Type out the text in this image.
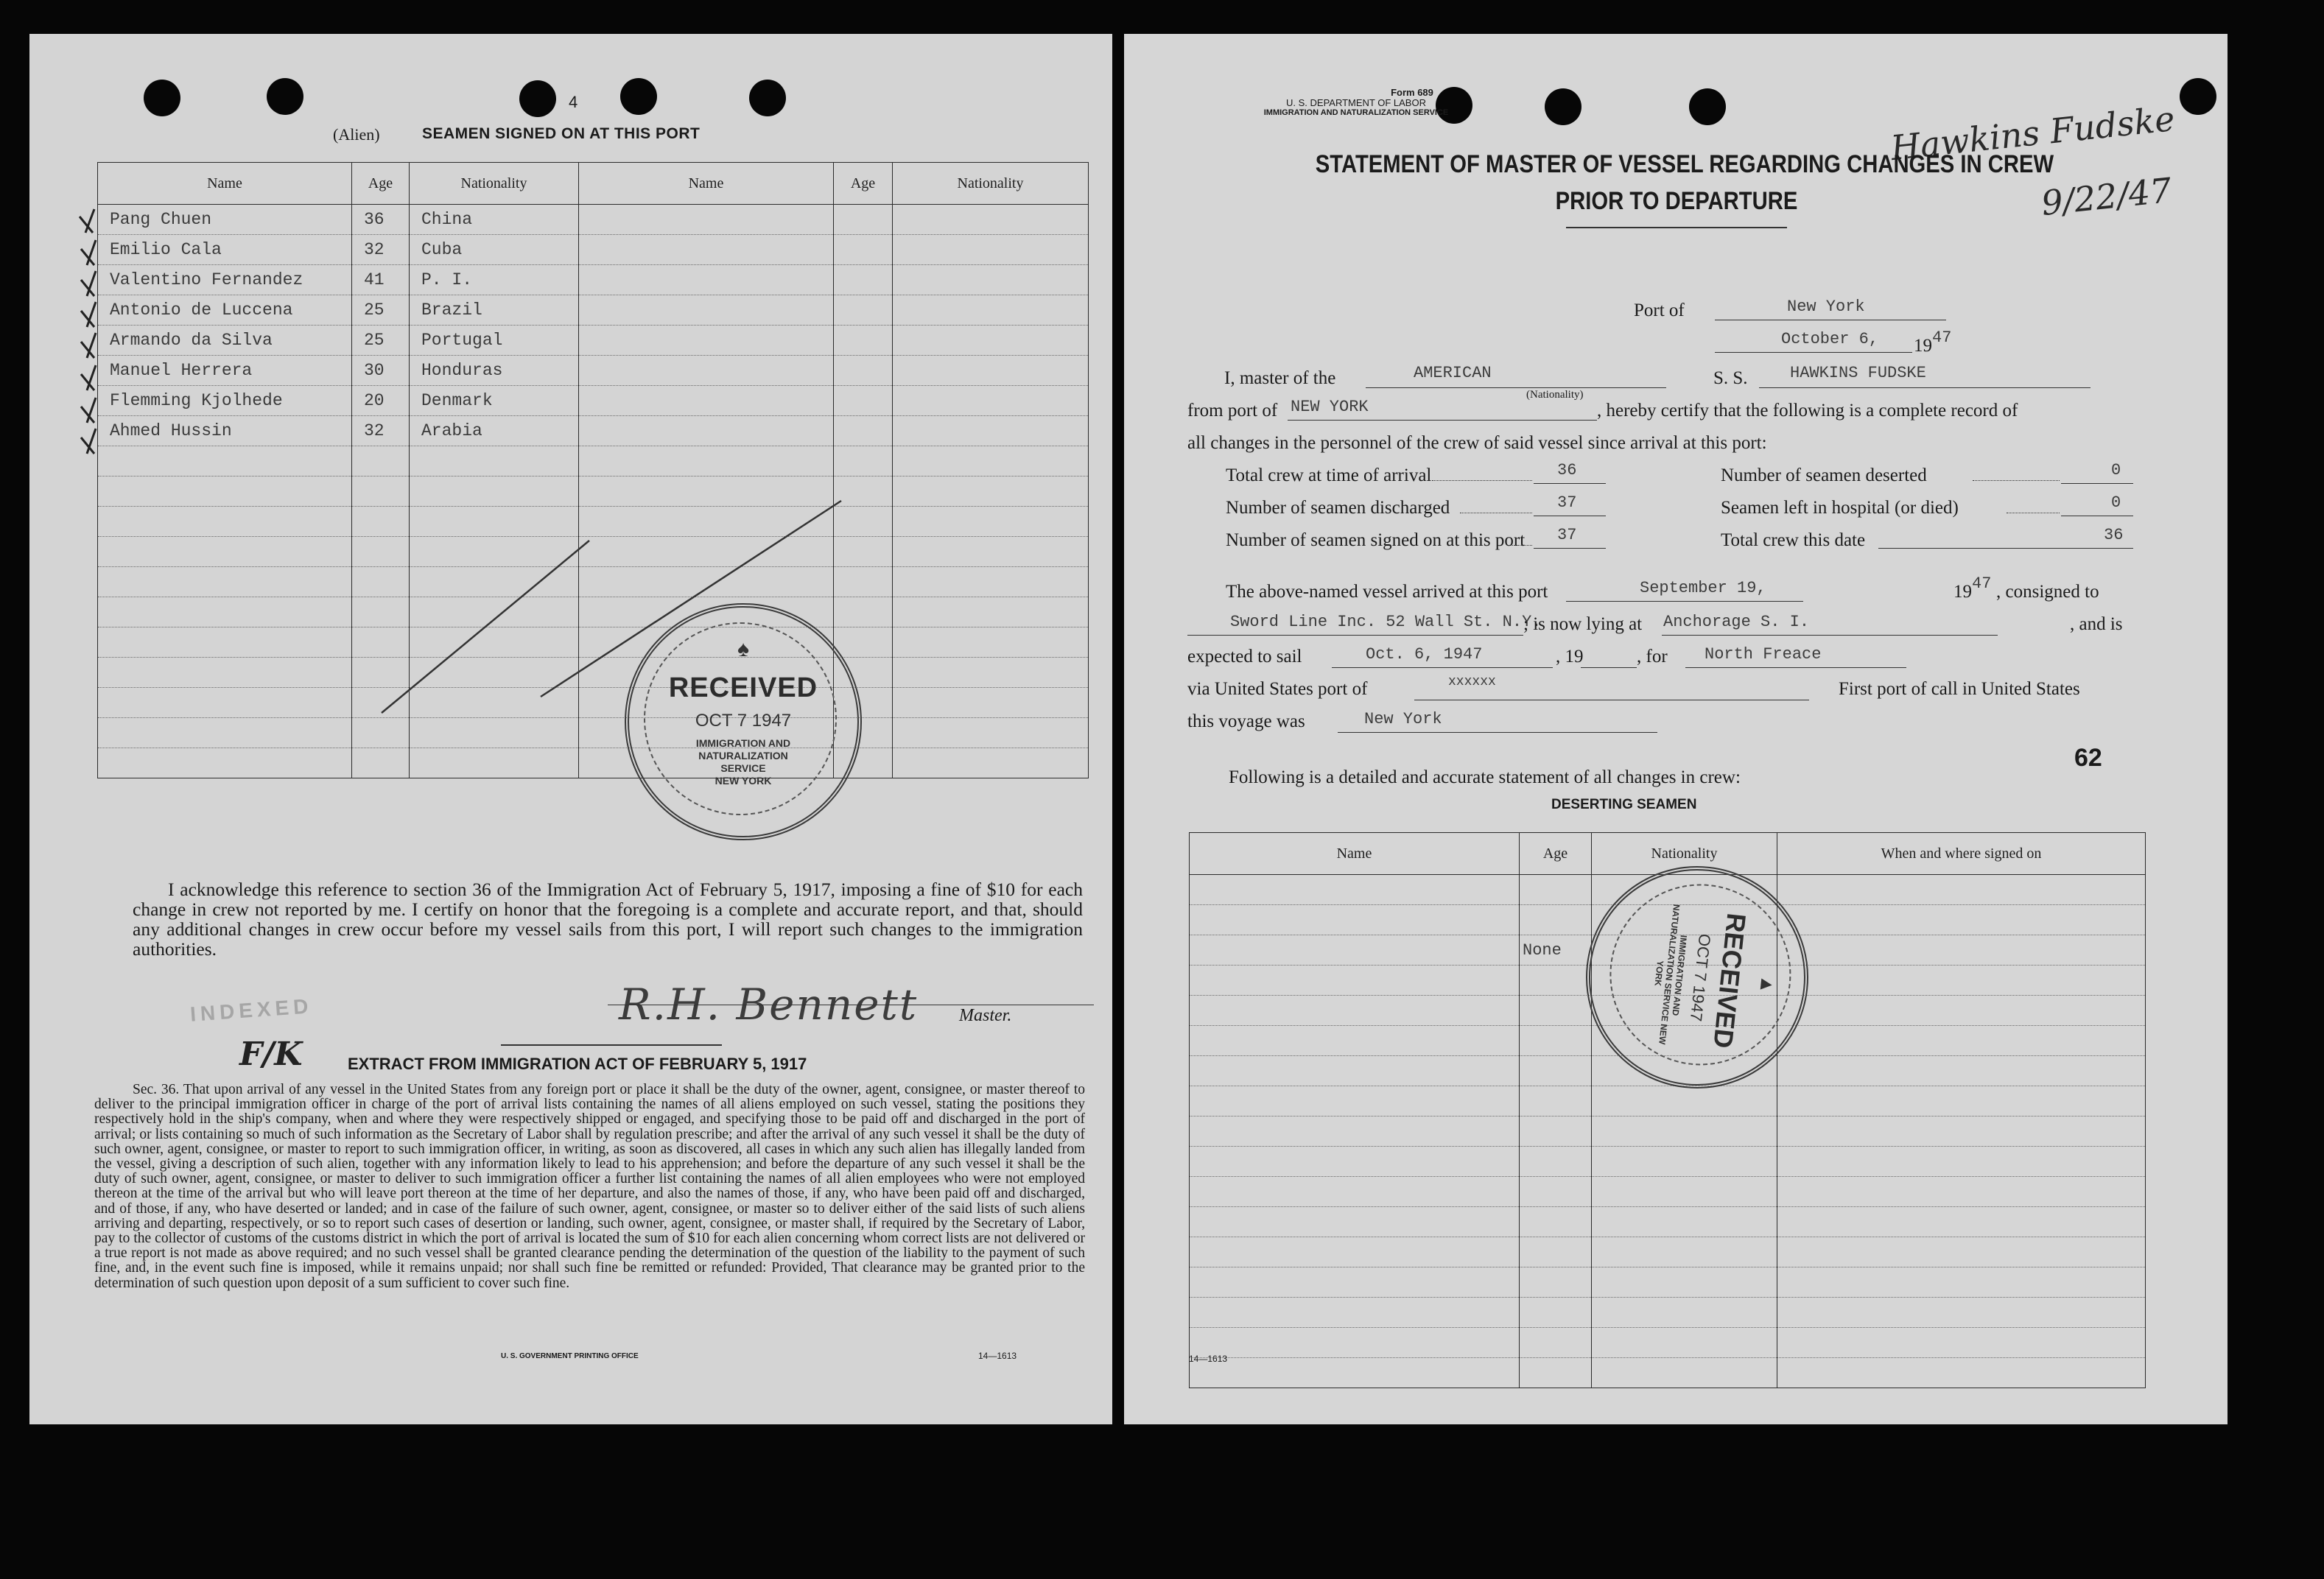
4
(Alien)	SEAMEN SIGNED ON AT THIS PORT
Name	Age	Nationality	Name	Age	Nationality
Pang Chuen	36	China			
Emilio Cala	32	Cuba			
Valentino Fernandez	41	P. I.			
Antonio de Luccena	25	Brazil			
Armando da Silva	25	Portugal			
Manuel Herrera	30	Honduras			
Flemming Kjolhede	20	Denmark			
Ahmed Hussin	32	Arabia			

♠
RECEIVED
OCT 7 1947
IMMIGRATION AND
NATURALIZATION
SERVICE
NEW YORK
I acknowledge this reference to section 36 of the Immigration Act of February 5, 1917, imposing a fine of $10 for each change in crew not reported by me. I certify on honor that the foregoing is a complete and accurate report, and that, should any additional changes in crew occur before my vessel sails from this port, I will report such changes to the immigration authorities.
INDEXED
F/K
R.H. Bennett Master.
EXTRACT FROM IMMIGRATION ACT OF FEBRUARY 5, 1917
Sec. 36. That upon arrival of any vessel in the United States from any foreign port or place it shall be the duty of the owner, agent, consignee, or master thereof to deliver to the principal immigration officer in charge of the port of arrival lists containing the names of all aliens employed on such vessel, stating the positions they respectively hold in the ship's company, when and where they were respectively shipped or engaged, and specifying those to be paid off and discharged in the port of arrival; or lists containing so much of such information as the Secretary of Labor shall by regulation prescribe; and after the arrival of any such vessel it shall be the duty of such owner, agent, consignee, or master to report to such immigration officer, in writing, as soon as discovered, all cases in which any such alien has illegally landed from the vessel, giving a description of such alien, together with any information likely to lead to his apprehension; and before the departure of any such vessel it shall be the duty of such owner, agent, consignee, or master to deliver to such immigration officer a further list containing the names of all alien employees who were not employed thereon at the time of the arrival but who will leave port thereon at the time of her departure, and also the names of those, if any, who have been paid off and discharged, and of those, if any, who have deserted or landed; and in case of the failure of such owner, agent, consignee, or master so to deliver either of the said lists of such aliens arriving and departing, respectively, or so to report such cases of desertion or landing, such owner, agent, consignee, or master shall, if required by the Secretary of Labor, pay to the collector of customs of the customs district in which the port of arrival is located the sum of $10 for each alien concerning whom correct lists are not delivered or a true report is not made as above required; and no such vessel shall be granted clearance pending the determination of the question of the liability to the payment of such fine, and, in the event such fine is imposed, while it remains unpaid; nor shall such fine be remitted or refunded: Provided, That clearance may be granted prior to the determination of such question upon deposit of a sum sufficient to cover such fine.
U. S. GOVERNMENT PRINTING OFFICE	14—1613
Form 689
U. S. DEPARTMENT OF LABOR
IMMIGRATION AND NATURALIZATION SERVICE	Hawkins Fudske
9/22/47
STATEMENT OF MASTER OF VESSEL REGARDING CHANGES IN CREW
PRIOR TO DEPARTURE
Port of	New York
October 6, 19 47
I, master of the	AMERICAN
(Nationality)
S. S.	HAWKINS FUDSKE
from port of NEW YORK	, hereby certify that the following is a complete record of
all changes in the personnel of the crew of said vessel since arrival at this port:
Total crew at time of arrival	36	Number of seamen deserted	0
Number of seamen discharged	37	Seamen left in hospital (or died)	0
Number of seamen signed on at this port 37	Total crew this date	36
The above-named vessel arrived at this port	September 19,	19 47 , consigned to
Sword Line Inc. 52 Wall St. N.Y.
; is now lying at Anchorage S. I.	, and is
expected to sail	Oct. 6, 1947	, 19	, for North Freace
via United States port of	xxxxxx	First port of call in United States
this voyage was	New York
62
Following is a detailed and accurate statement of all changes in crew:
DESERTING SEAMEN
Name	Age	Nationality	When and where signed on

	None		

▲
RECEIVED
OCT 7 1947
IMMIGRATION AND NATURALIZATION SERVICE NEW YORK
14—1613
